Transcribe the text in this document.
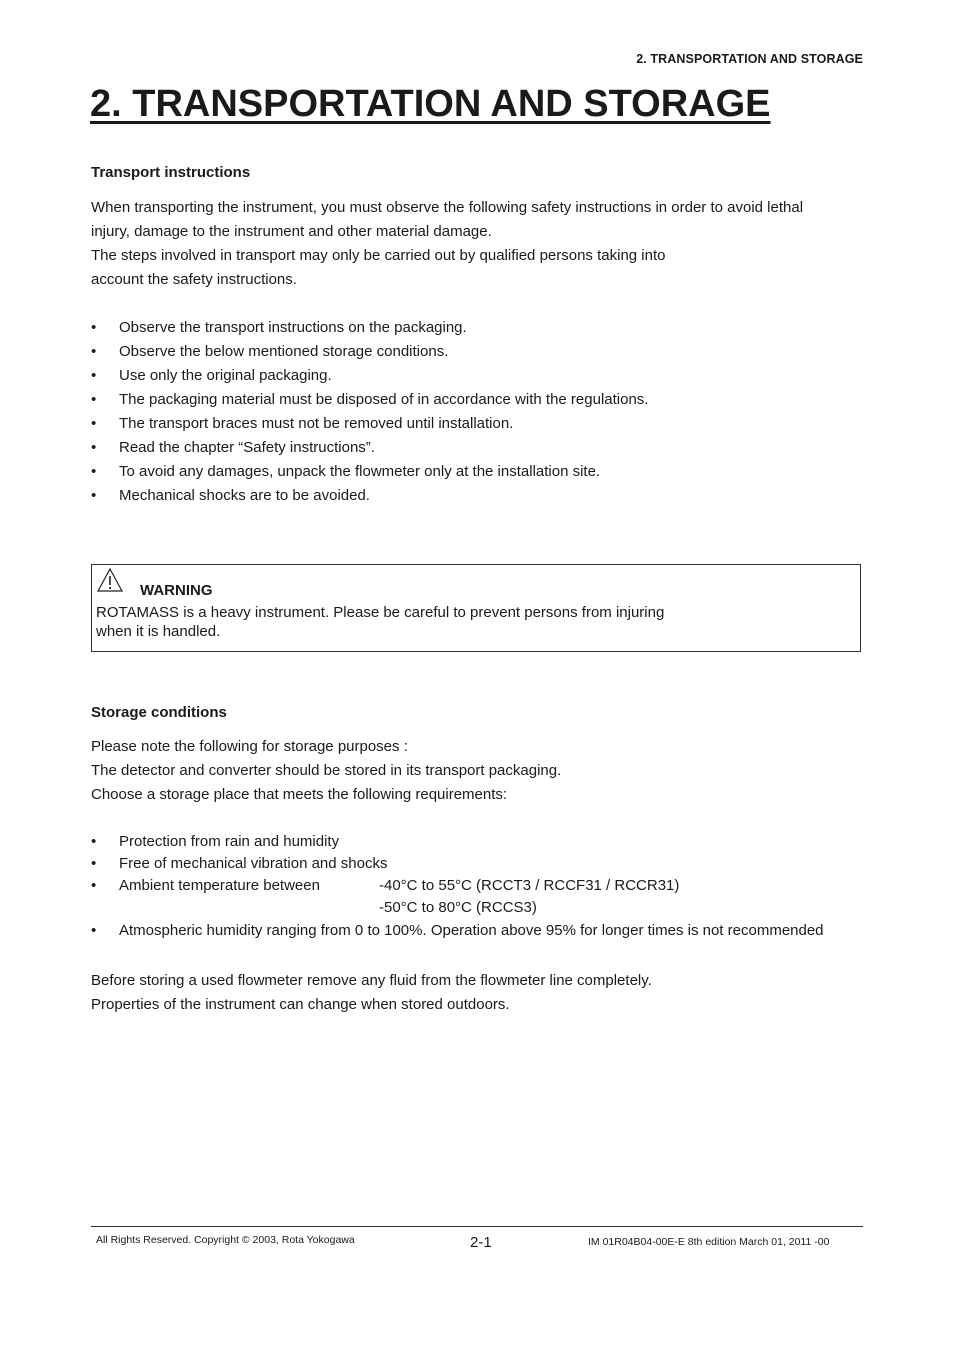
2. TRANSPORTATION AND STORAGE
2. TRANSPORTATION AND STORAGE
Transport instructions
When transporting the instrument, you must observe the following safety instructions in order to avoid lethal
injury, damage to the instrument and other material damage.
The steps involved in transport may only be carried out by qualified persons taking into
account the safety instructions.
• Observe the transport instructions on the packaging.
• Observe the below mentioned storage conditions.
• Use only the original packaging.
• The packaging material must be disposed of in accordance with the regulations.
• The transport braces must not be removed until installation.
• Read the chapter “Safety instructions”.
• To avoid any damages, unpack the flowmeter only at the installation site.
• Mechanical shocks are to be avoided.
WARNING
ROTAMASS is a heavy instrument. Please be careful to prevent persons from injuring
when it is handled.
Storage conditions
Please note the following for storage purposes :
The detector and converter should be stored in its transport packaging.
Choose a storage place that meets the following requirements:
• Protection from rain and humidity
• Free of mechanical vibration and shocks
• Ambient temperature between	-40°C to 55°C (RCCT3 / RCCF31 / RCCR31)
-50°C to 80°C (RCCS3)
• Atmospheric humidity ranging from 0 to 100%. Operation above 95% for longer times is not recommended
Before storing a used flowmeter remove any fluid from the flowmeter line completely.
Properties of the instrument can change when stored outdoors.
All Rights Reserved. Copyright © 2003, Rota Yokogawa	2-1	IM 01R04B04-00E-E 8th edition March 01, 2011 -00
